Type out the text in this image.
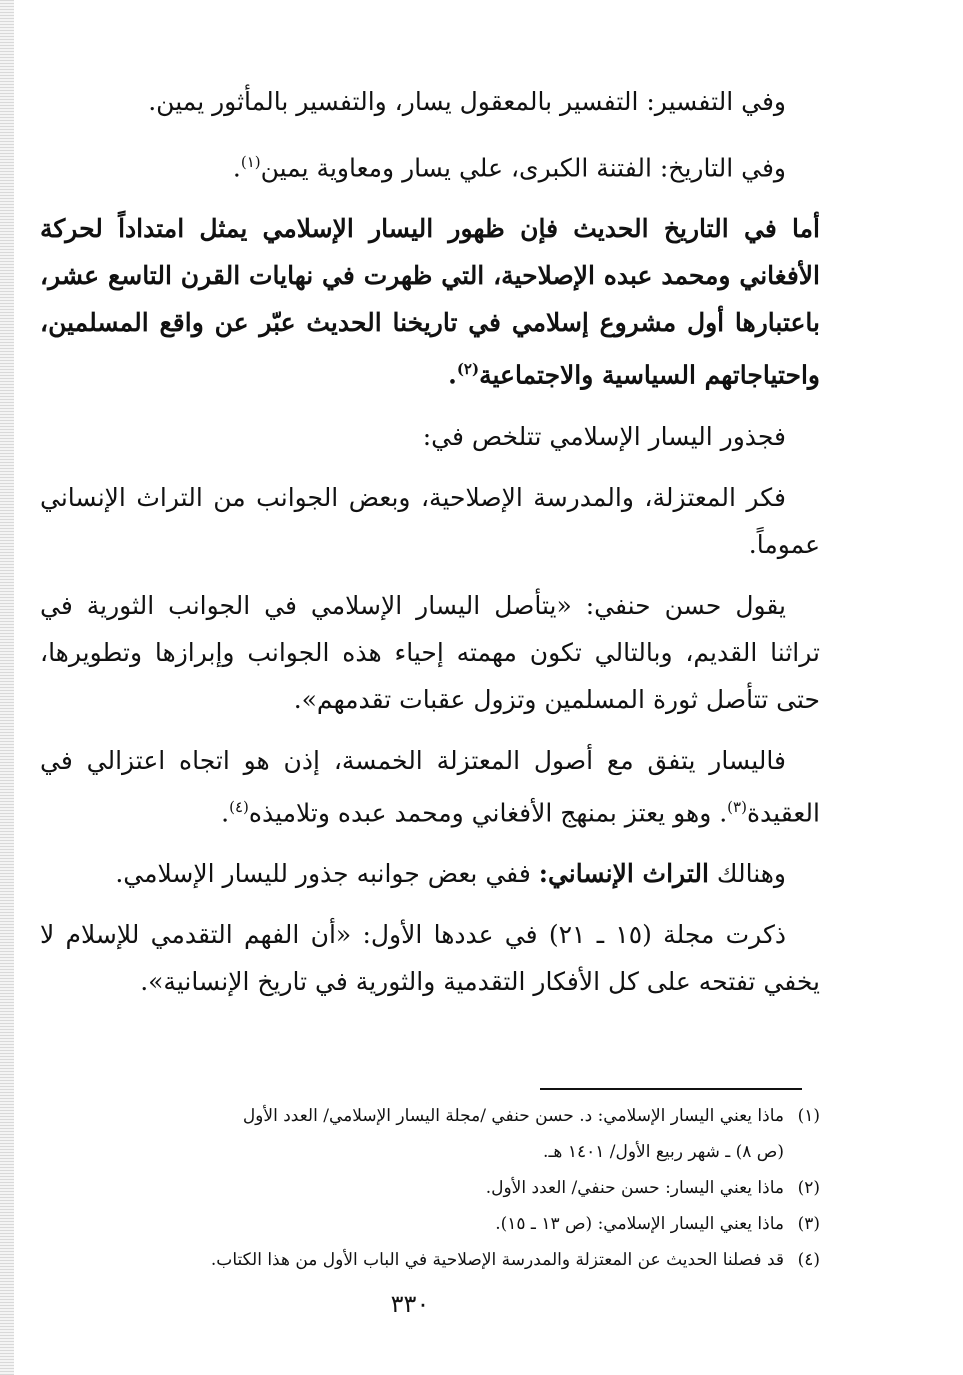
وفي التفسير: التفسير بالمعقول يسار، والتفسير بالمأثور يمين.

وفي التاريخ: الفتنة الكبرى، علي يسار ومعاوية يمين$^{(١)}$.

أما في التاريخ الحديث فإن ظهور اليسار الإسلامي يمثل امتداداً لحركة الأفغاني ومحمد عبده الإصلاحية، التي ظهرت في نهايات القرن التاسع عشر، باعتبارها أول مشروع إسلامي في تاريخنا الحديث عبّر عن واقع المسلمين، واحتياجاتهم السياسية والاجتماعية$^{(٢)}$.

فجذور اليسار الإسلامي تتلخص في:

فكر المعتزلة، والمدرسة الإصلاحية، وبعض الجوانب من التراث الإنساني عموماً.

يقول حسن حنفي: «يتأصل اليسار الإسلامي في الجوانب الثورية في تراثنا القديم، وبالتالي تكون مهمته إحياء هذه الجوانب وإبرازها وتطويرها، حتى تتأصل ثورة المسلمين وتزول عقبات تقدمهم».

فاليسار يتفق مع أصول المعتزلة الخمسة، إذن هو اتجاه اعتزالي في العقيدة$^{(٣)}$. وهو يعتز بمنهج الأفغاني ومحمد عبده وتلاميذه$^{(٤)}$.

وهنالك التراث الإنساني: ففي بعض جوانبه جذور لليسار الإسلامي.

ذكرت مجلة (١٥ ـ ٢١) في عددها الأول: «أن الفهم التقدمي للإسلام لا يخفي تفتحه على كل الأفكار التقدمية والثورية في تاريخ الإنسانية».

(١)ماذا يعني اليسار الإسلامي: د. حسن حنفي /مجلة اليسار الإسلامي/ العدد الأول

(ص ٨) ـ شهر ربيع الأول/ ١٤٠١ هـ.

(٢)ماذا يعني اليسار: حسن حنفي/ العدد الأول.

(٣)ماذا يعني اليسار الإسلامي: (ص ١٣ ـ ١٥).

(٤)قد فصلنا الحديث عن المعتزلة والمدرسة الإصلاحية في الباب الأول من هذا الكتاب.

٣٣٠
